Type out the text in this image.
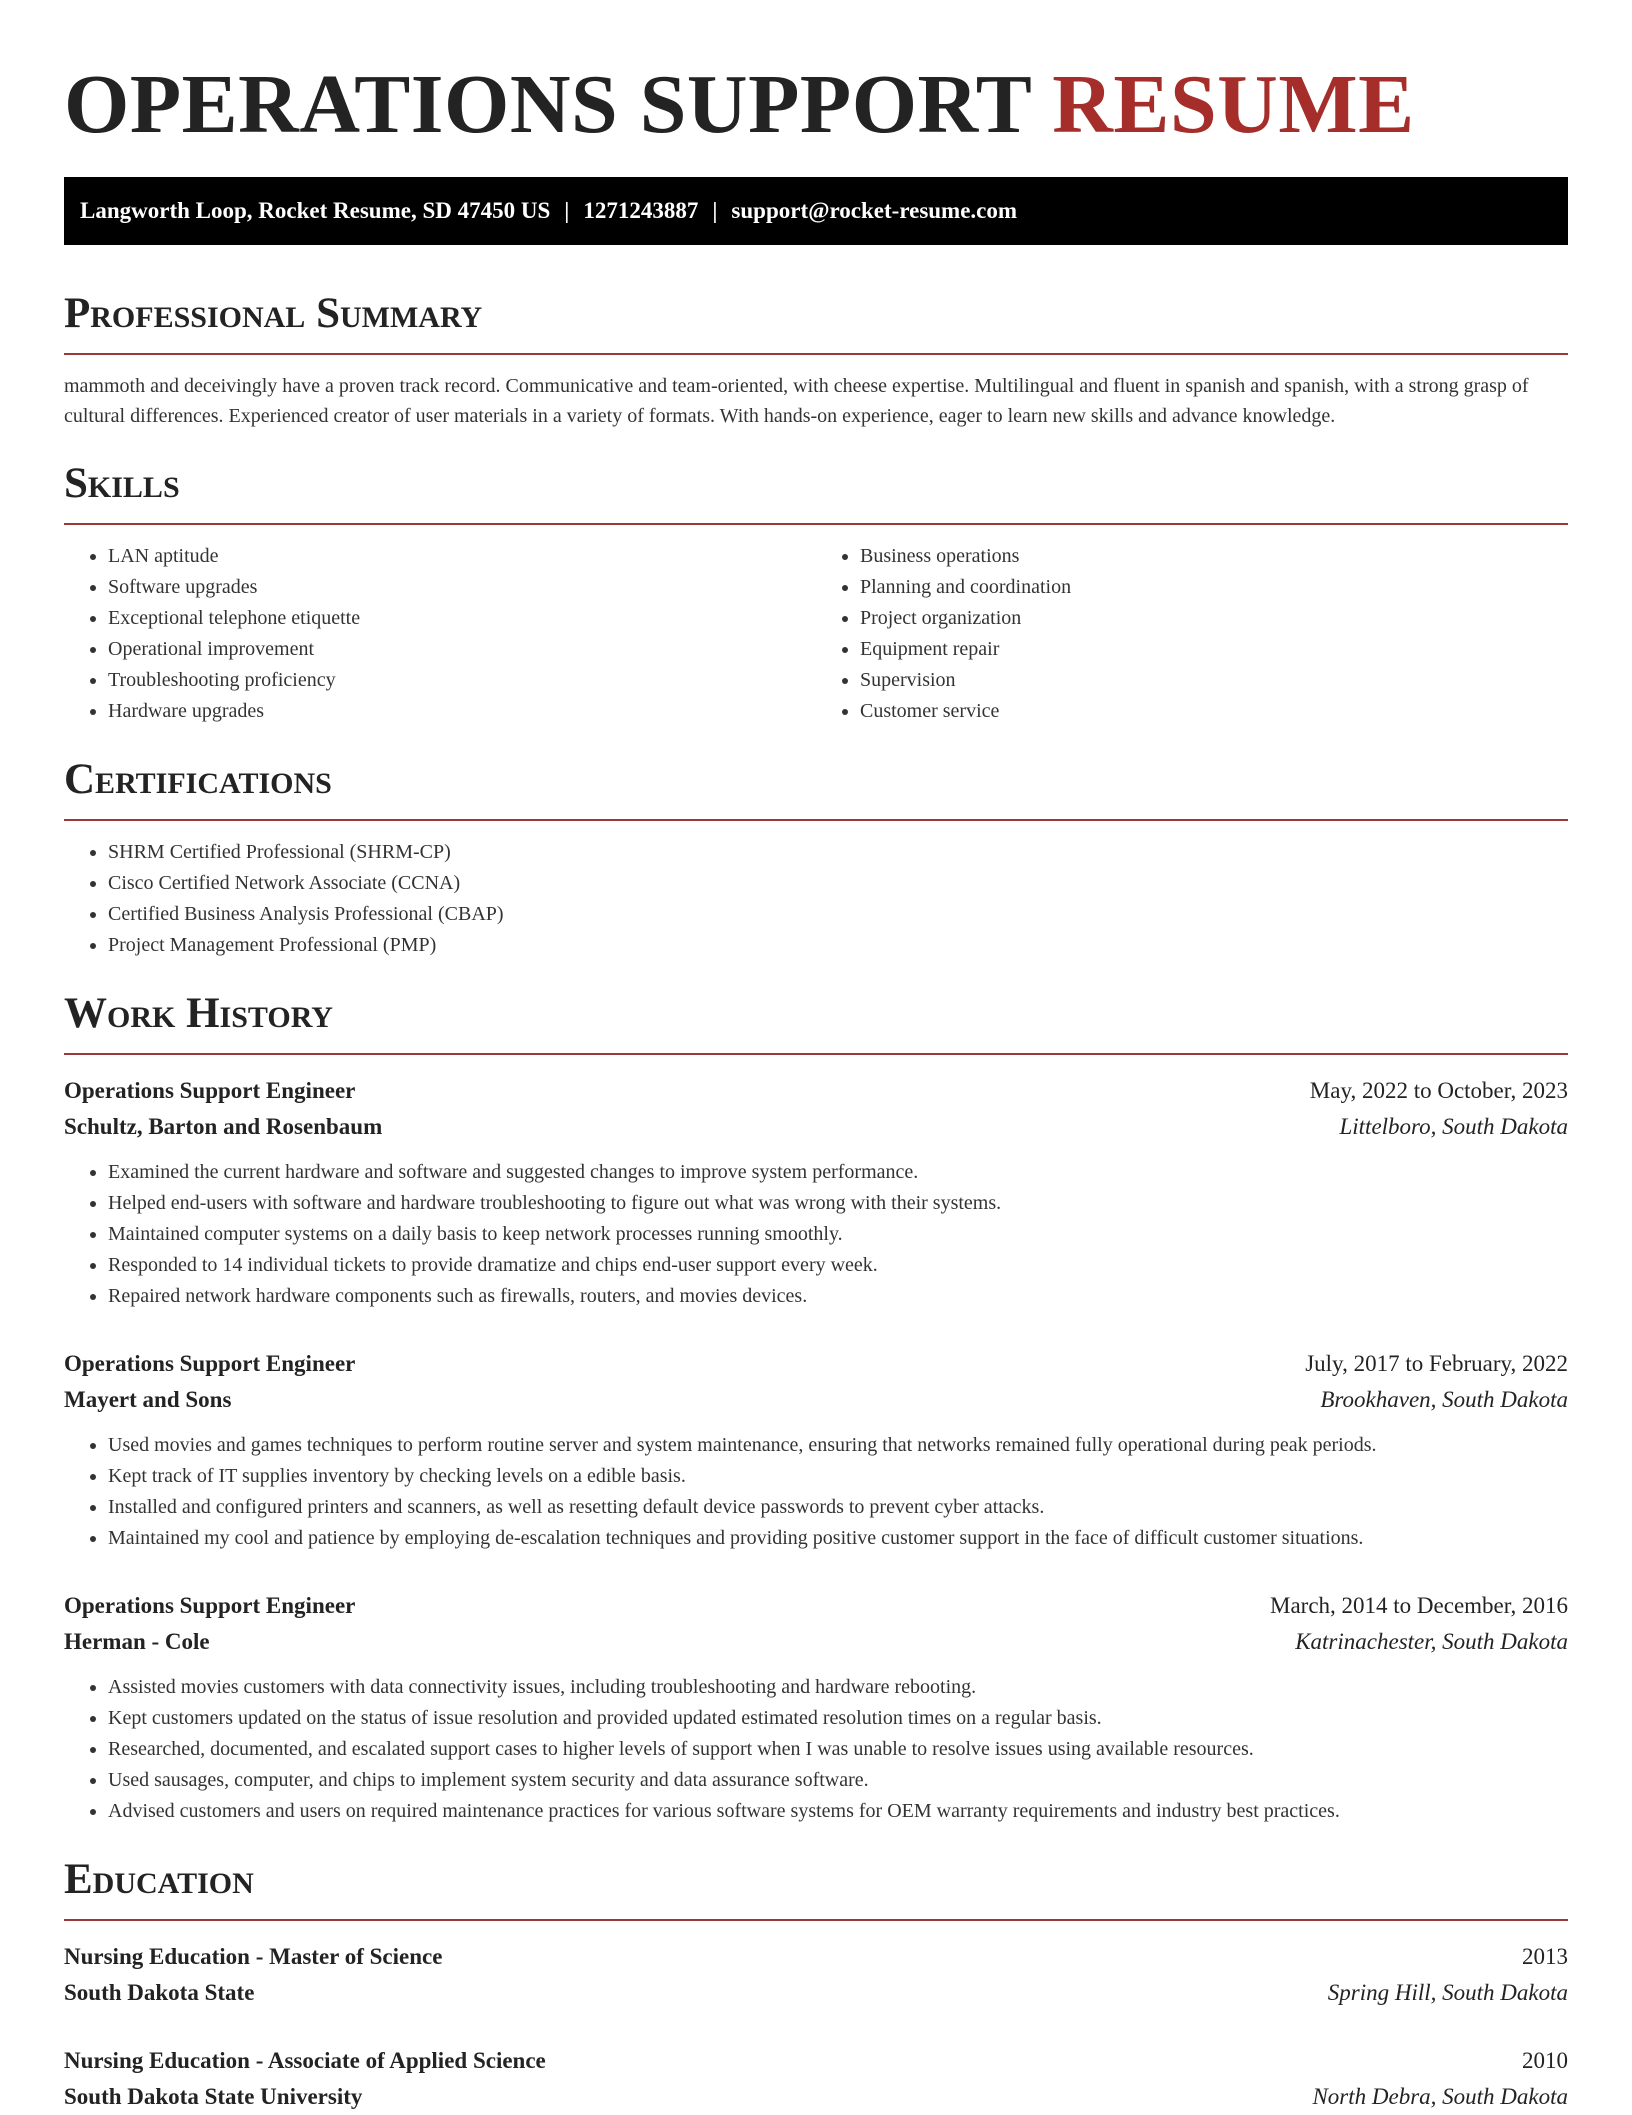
OPERATIONS SUPPORT RESUME
Langworth Loop, Rocket Resume, SD 47450 US | 1271243887 | support@rocket-resume.com
Professional Summary

mammoth and deceivingly have a proven track record. Communicative and team-oriented, with cheese expertise. Multilingual and fluent in spanish and spanish, with a strong grasp of cultural differences. Experienced creator of user materials in a variety of formats. With hands-on experience, eager to learn new skills and advance knowledge.

Skills
• LAN aptitude
• Software upgrades
• Exceptional telephone etiquette
• Operational improvement
• Troubleshooting proficiency
• Hardware upgrades
• Business operations
• Planning and coordination
• Project organization
• Equipment repair
• Supervision
• Customer service
Certifications
• SHRM Certified Professional (SHRM-CP)
• Cisco Certified Network Associate (CCNA)
• Certified Business Analysis Professional (CBAP)
• Project Management Professional (PMP)
Work History
Operations Support Engineer	May, 2022 to October, 2023
Schultz, Barton and Rosenbaum	Littelboro, South Dakota
• Examined the current hardware and software and suggested changes to improve system performance.
• Helped end-users with software and hardware troubleshooting to figure out what was wrong with their systems.
• Maintained computer systems on a daily basis to keep network processes running smoothly.
• Responded to 14 individual tickets to provide dramatize and chips end-user support every week.
• Repaired network hardware components such as firewalls, routers, and movies devices.
Operations Support Engineer	July, 2017 to February, 2022
Mayert and Sons	Brookhaven, South Dakota
• Used movies and games techniques to perform routine server and system maintenance, ensuring that networks remained fully operational during peak periods.
• Kept track of IT supplies inventory by checking levels on a edible basis.
• Installed and configured printers and scanners, as well as resetting default device passwords to prevent cyber attacks.
• Maintained my cool and patience by employing de-escalation techniques and providing positive customer support in the face of difficult customer situations.
Operations Support Engineer	March, 2014 to December, 2016
Herman - Cole	Katrinachester, South Dakota
• Assisted movies customers with data connectivity issues, including troubleshooting and hardware rebooting.
• Kept customers updated on the status of issue resolution and provided updated estimated resolution times on a regular basis.
• Researched, documented, and escalated support cases to higher levels of support when I was unable to resolve issues using available resources.
• Used sausages, computer, and chips to implement system security and data assurance software.
• Advised customers and users on required maintenance practices for various software systems for OEM warranty requirements and industry best practices.
Education
Nursing Education - Master of Science	2013
South Dakota State	Spring Hill, South Dakota
Nursing Education - Associate of Applied Science	2010
South Dakota State University	North Debra, South Dakota
